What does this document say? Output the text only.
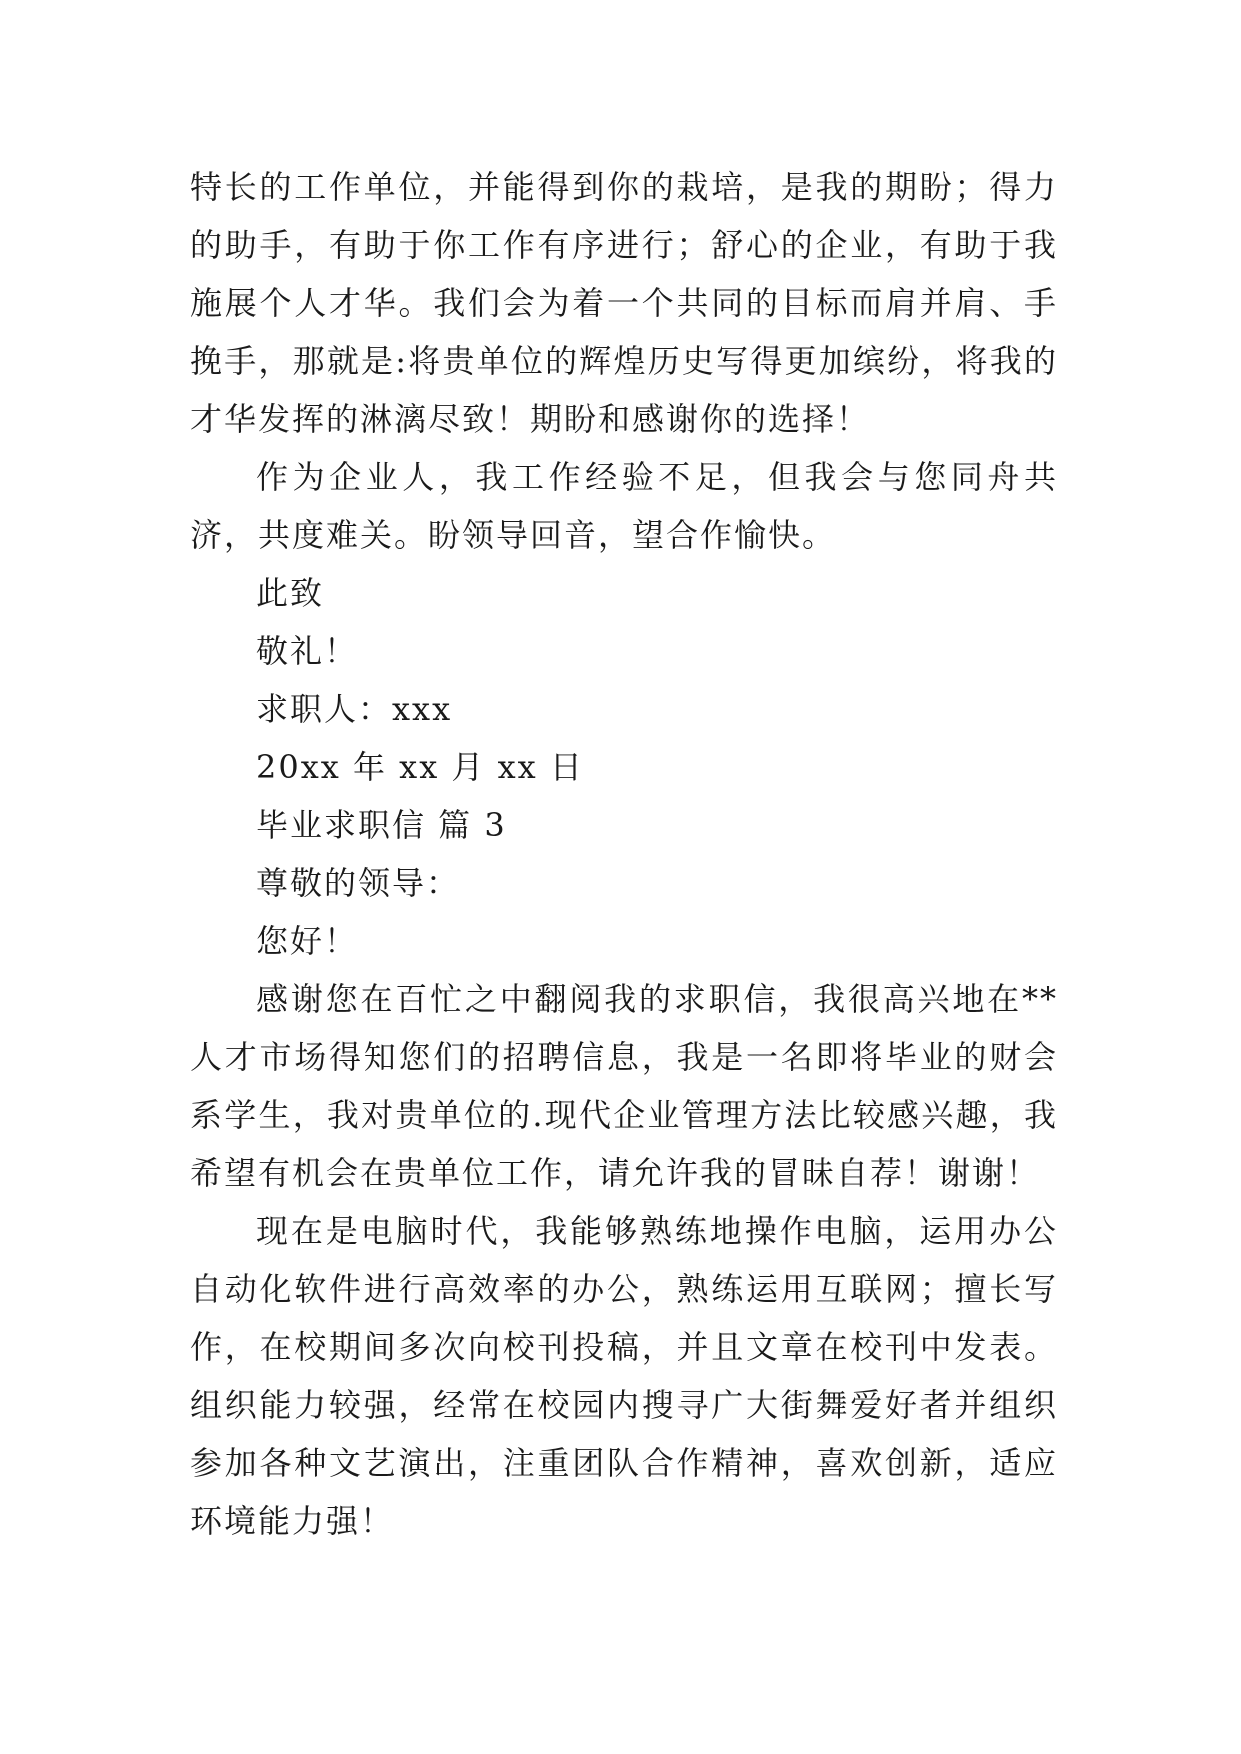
特长的工作单位，并能得到你的栽培，是我的期盼；得力的助手，有助于你工作有序进行；舒心的企业，有助于我施展个人才华。我们会为着一个共同的目标而肩并肩、手挽手，那就是:将贵单位的辉煌历史写得更加缤纷，将我的才华发挥的淋漓尽致！期盼和感谢你的选择！

作为企业人，我工作经验不足，但我会与您同舟共济，共度难关。盼领导回音，望合作愉快。

此致

敬礼！

求职人：xxx

20xx 年 xx 月 xx 日

毕业求职信 篇 3

尊敬的领导：

您好！

感谢您在百忙之中翻阅我的求职信，我很高兴地在**人才市场得知您们的招聘信息，我是一名即将毕业的财会系学生，我对贵单位的.现代企业管理方法比较感兴趣，我希望有机会在贵单位工作，请允许我的冒昧自荐！谢谢！

现在是电脑时代，我能够熟练地操作电脑，运用办公自动化软件进行高效率的办公，熟练运用互联网；擅长写作，在校期间多次向校刊投稿，并且文章在校刊中发表。 组织能力较强，经常在校园内搜寻广大街舞爱好者并组织参加各种文艺演出，注重团队合作精神，喜欢创新，适应环境能力强！
